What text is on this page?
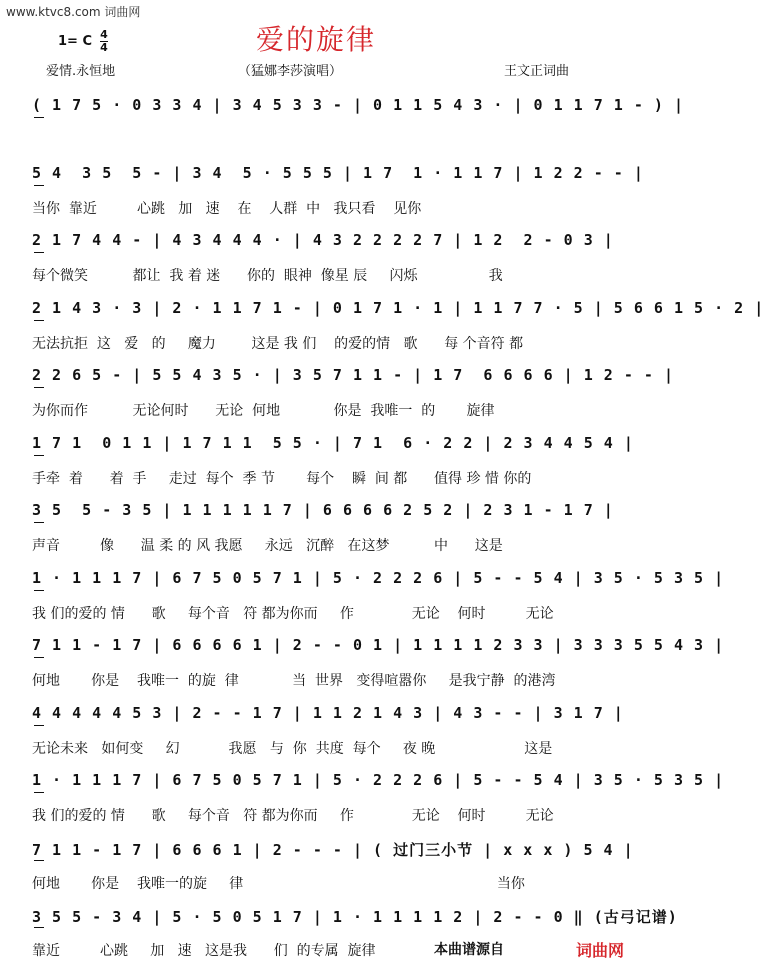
www.ktvc8.com 词曲网
爱的旋律
1= C 4
4
爱情.永恒地	（猛娜李莎演唱）	王文正词曲
( 1 7 5 · 0 3 3 4 | 3 4 5 3 3 - | 0 1 1 5 4 3 · | 0 1 1 7 1 - ) |
5 4  3 5  5 - | 3 4  5 · 5 5 5 | 1 7  1 · 1 1 7 | 1 2 2 - - |
当你  靠近         心跳   加   速    在    人群  中   我只看    见你
2 1 7 4 4 - | 4 3 4 4 4 · | 4 3 2 2 2 2 7 | 1 2  2 - 0 3 |
每个微笑          都让  我 着 迷      你的  眼神  像星 辰     闪烁                我
2 1 4 3 · 3 | 2 · 1 1 7 1 - | 0 1 7 1 · 1 | 1 1 7 7 · 5 | 5 6 6 1 5 · 2 |
无法抗拒  这   爱   的     魔力        这是 我 们    的爱的情   歌      每 个音符 都
2 2 6 5 - | 5 5 4 3 5 · | 3 5 7 1 1 - | 1 7  6 6 6 6 | 1 2 - - |
为你而作          无论何时      无论  何地            你是  我唯一  的       旋律
1 7 1  0 1 1 | 1 7 1 1  5 5 · | 7 1  6 · 2 2 | 2 3 4 4 5 4 |
手牵  着      着  手     走过  每个  季 节       每个    瞬  间 都      值得 珍 惜 你的
3 5  5 - 3 5 | 1 1 1 1 1 7 | 6 6 6 6 2 5 2 | 2 3 1 - 1 7 |
声音         像      温 柔 的 风 我愿     永远   沉醉   在这梦          中      这是
1 · 1 1 1 7 | 6 7 5 0 5 7 1 | 5 · 2 2 2 6 | 5 - - 5 4 | 3 5 · 5 3 5 |
我 们的爱的 情      歌     每个音   符 都为你而     作             无论    何时         无论
7 1 1 - 1 7 | 6 6 6 6 1 | 2 - - 0 1 | 1 1 1 1 2 3 3 | 3 3 3 5 5 4 3 |
何地       你是    我唯一  的旋  律            当  世界   变得喧嚣你     是我宁静  的港湾
4 4 4 4 4 5 3 | 2 - - 1 7 | 1 1 2 1 4 3 | 4 3 - - | 3 1 7 |
无论未来   如何变     幻           我愿   与  你  共度  每个     夜 晚                    这是
1 · 1 1 1 7 | 6 7 5 0 5 7 1 | 5 · 2 2 2 6 | 5 - - 5 4 | 3 5 · 5 3 5 |
我 们的爱的 情      歌     每个音   符 都为你而     作             无论    何时         无论
7 1 1 - 1 7 | 6 6 6 1 | 2 - - - | ( 过门三小节 | x x x ) 5 4 |
何地       你是    我唯一的旋     律                                                         当你
3 5 5 - 3 4 | 5 · 5 0 5 1 7 | 1 · 1 1 1 1 2 | 2 - - 0 ‖ (古弓记谱)
靠近         心跳     加   速   这是我      们  的专属  旋律	本曲谱源自	词曲网
